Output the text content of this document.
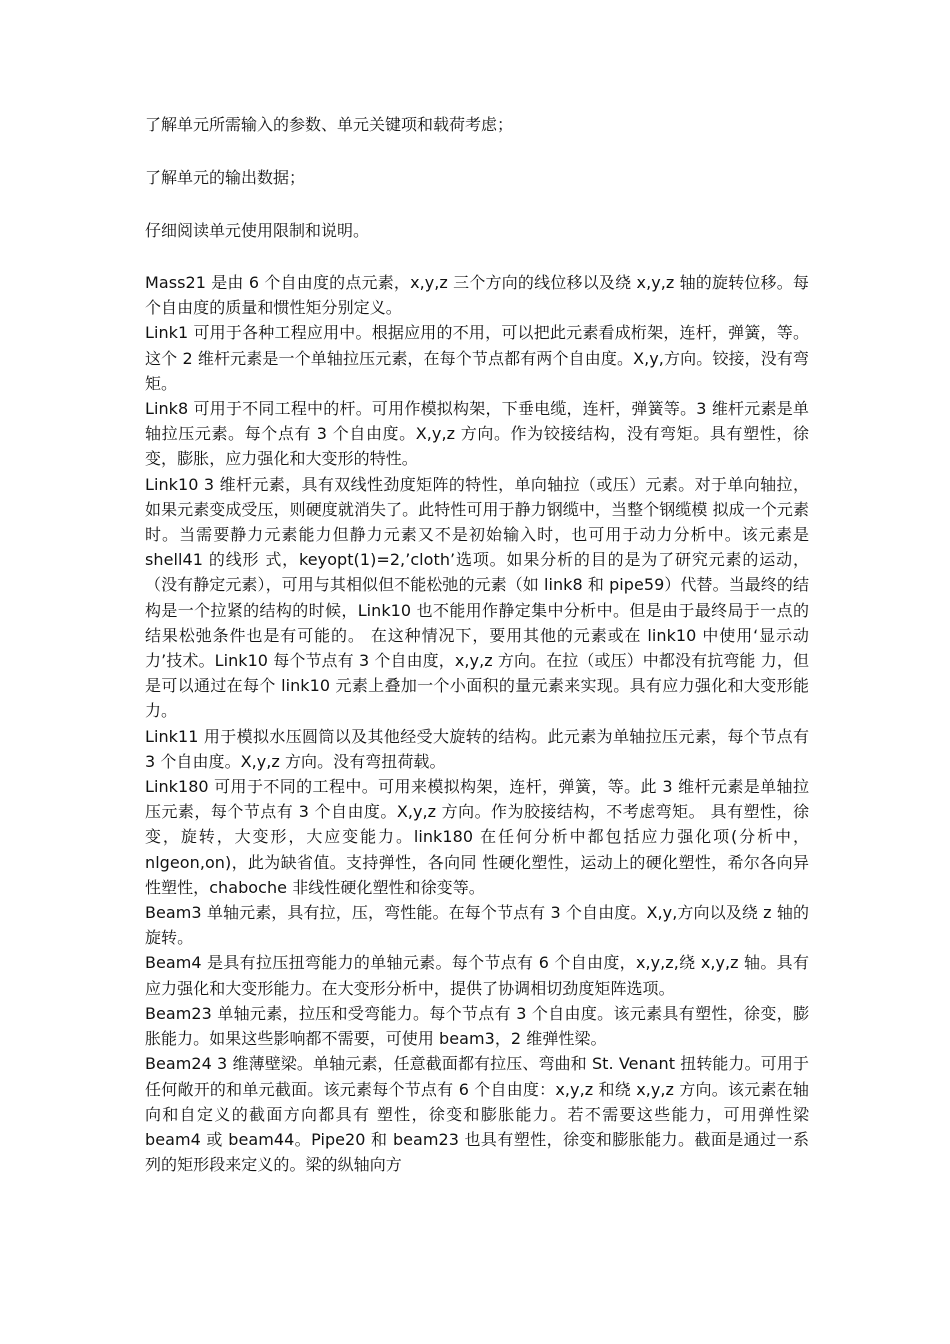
了解单元所需输入的参数、单元关键项和载荷考虑；

了解单元的输出数据；

仔细阅读单元使用限制和说明。

Mass21 是由 6 个自由度的点元素，x,y,z 三个方向的线位移以及绕 x,y,z 轴的旋转位移。每个自由度的质量和惯性矩分别定义。

Link1 可用于各种工程应用中。根据应用的不用，可以把此元素看成桁架，连杆，弹簧，等。这个 2 维杆元素是一个单轴拉压元素，在每个节点都有两个自由度。X,y,方向。铰接，没有弯矩。

Link8 可用于不同工程中的杆。可用作模拟构架，下垂电缆，连杆，弹簧等。3 维杆元素是单轴拉压元素。每个点有 3 个自由度。X,y,z 方向。作为铰接结构，没有弯矩。具有塑性，徐变，膨胀，应力强化和大变形的特性。

Link10 3 维杆元素，具有双线性劲度矩阵的特性，单向轴拉（或压）元素。对于单向轴拉，如果元素变成受压，则硬度就消失了。此特性可用于静力钢缆中，当整个钢缆模 拟成一个元素时。当需要静力元素能力但静力元素又不是初始输入时，也可用于动力分析中。该元素是 shell41 的线形 式，keyopt(1)=2,’cloth’选项。如果分析的目的是为了研究元素的运动，（没有静定元素），可用与其相似但不能松弛的元素（如 link8 和 pipe59）代替。当最终的结构是一个拉紧的结构的时候，Link10 也不能用作静定集中分析中。但是由于最终局于一点的结果松弛条件也是有可能的。 在这种情况下，要用其他的元素或在 link10 中使用‘显示动力’技术。Link10 每个节点有 3 个自由度，x,y,z 方向。在拉（或压）中都没有抗弯能 力，但是可以通过在每个 link10 元素上叠加一个小面积的量元素来实现。具有应力强化和大变形能力。

Link11 用于模拟水压圆筒以及其他经受大旋转的结构。此元素为单轴拉压元素，每个节点有 3 个自由度。X,y,z 方向。没有弯扭荷载。

Link180 可用于不同的工程中。可用来模拟构架，连杆，弹簧，等。此 3 维杆元素是单轴拉压元素，每个节点有 3 个自由度。X,y,z 方向。作为胶接结构，不考虑弯矩。 具有塑性，徐变，旋转，大变形，大应变能力。link180 在任何分析中都包括应力强化项(分析中，nlgeon,on)，此为缺省值。支持弹性，各向同 性硬化塑性，运动上的硬化塑性，希尔各向异性塑性，chaboche 非线性硬化塑性和徐变等。

Beam3 单轴元素，具有拉，压，弯性能。在每个节点有 3 个自由度。X,y,方向以及绕 z 轴的旋转。

Beam4 是具有拉压扭弯能力的单轴元素。每个节点有 6 个自由度，x,y,z,绕 x,y,z 轴。具有应力强化和大变形能力。在大变形分析中，提供了协调相切劲度矩阵选项。

Beam23 单轴元素，拉压和受弯能力。每个节点有 3 个自由度。该元素具有塑性，徐变，膨胀能力。如果这些影响都不需要，可使用 beam3，2 维弹性梁。

Beam24 3 维薄壁梁。单轴元素，任意截面都有拉压、弯曲和 St. Venant 扭转能力。可用于任何敞开的和单元截面。该元素每个节点有 6 个自由度：x,y,z 和绕 x,y,z 方向。该元素在轴向和自定义的截面方向都具有 塑性，徐变和膨胀能力。若不需要这些能力，可用弹性梁 beam4 或 beam44。Pipe20 和 beam23 也具有塑性，徐变和膨胀能力。截面是通过一系 列的矩形段来定义的。梁的纵轴向方
